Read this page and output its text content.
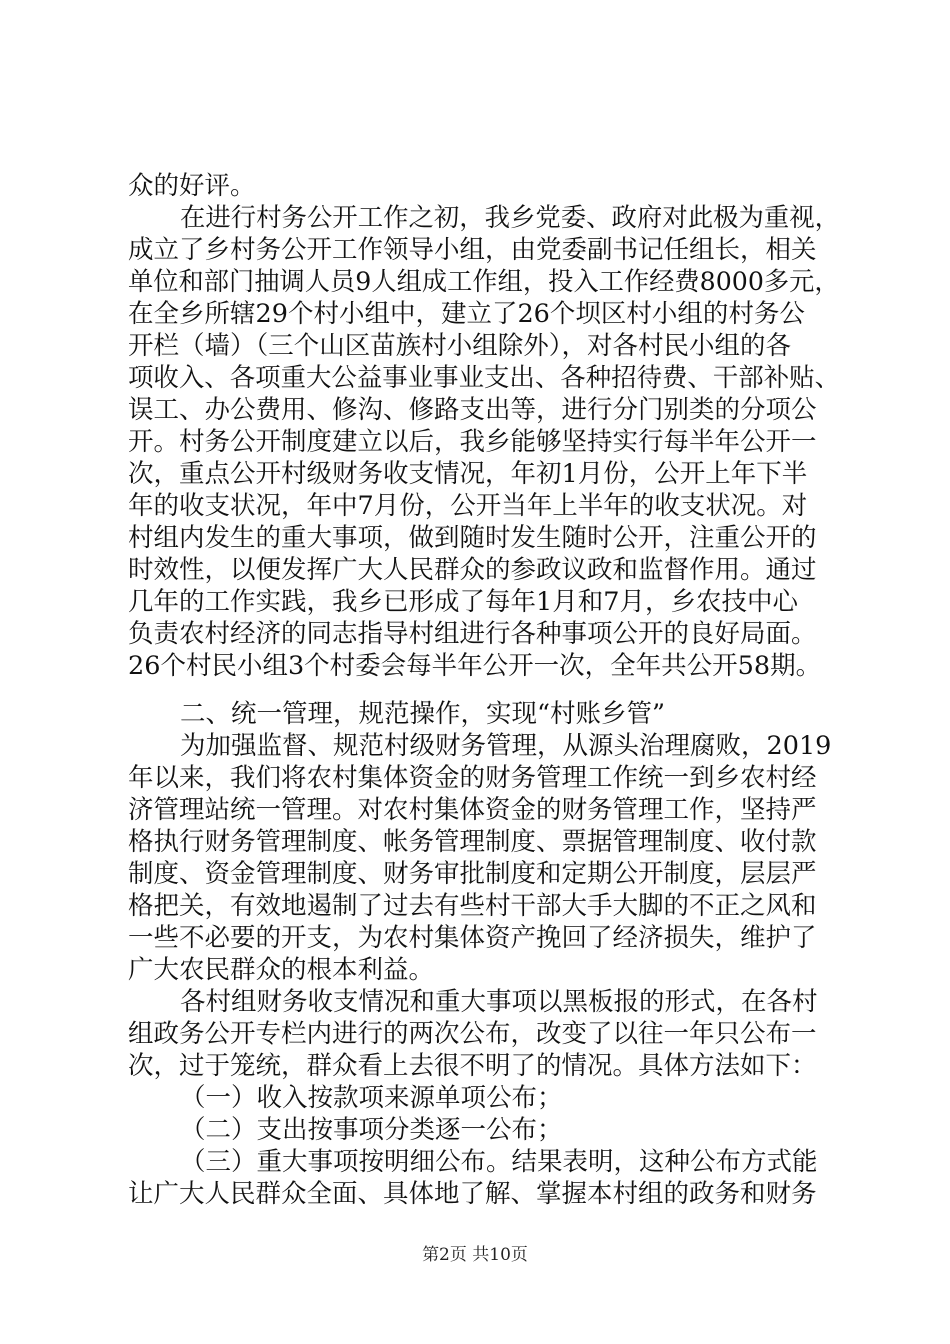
众的好评。
在进行村务公开工作之初，我乡党委、政府对此极为重视，
成立了乡村务公开工作领导小组，由党委副书记任组长，相关
单位和部门抽调人员9人组成工作组，投入工作经费8000多元，
在全乡所辖29个村小组中，建立了26个坝区村小组的村务公
开栏（墙）（三个山区苗族村小组除外），对各村民小组的各
项收入、各项重大公益事业事业支出、各种招待费、干部补贴、
误工、办公费用、修沟、修路支出等，进行分门别类的分项公
开。村务公开制度建立以后，我乡能够坚持实行每半年公开一
次，重点公开村级财务收支情况，年初1月份，公开上年下半
年的收支状况，年中7月份，公开当年上半年的收支状况。对
村组内发生的重大事项，做到随时发生随时公开，注重公开的
时效性，以便发挥广大人民群众的参政议政和监督作用。通过
几年的工作实践，我乡已形成了每年1月和7月，乡农技中心
负责农村经济的同志指导村组进行各种事项公开的良好局面。
26个村民小组3个村委会每半年公开一次，全年共公开58期。
二、统一管理，规范操作，实现“村账乡管”
为加强监督、规范村级财务管理，从源头治理腐败，2019
年以来，我们将农村集体资金的财务管理工作统一到乡农村经
济管理站统一管理。对农村集体资金的财务管理工作，坚持严
格执行财务管理制度、帐务管理制度、票据管理制度、收付款
制度、资金管理制度、财务审批制度和定期公开制度，层层严
格把关，有效地遏制了过去有些村干部大手大脚的不正之风和
一些不必要的开支，为农村集体资产挽回了经济损失，维护了
广大农民群众的根本利益。
各村组财务收支情况和重大事项以黑板报的形式，在各村
组政务公开专栏内进行的两次公布，改变了以往一年只公布一
次，过于笼统，群众看上去很不明了的情况。具体方法如下：
（一）收入按款项来源单项公布；
（二）支出按事项分类逐一公布；
（三）重大事项按明细公布。结果表明，这种公布方式能
让广大人民群众全面、具体地了解、掌握本村组的政务和财务
第2页 共10页
